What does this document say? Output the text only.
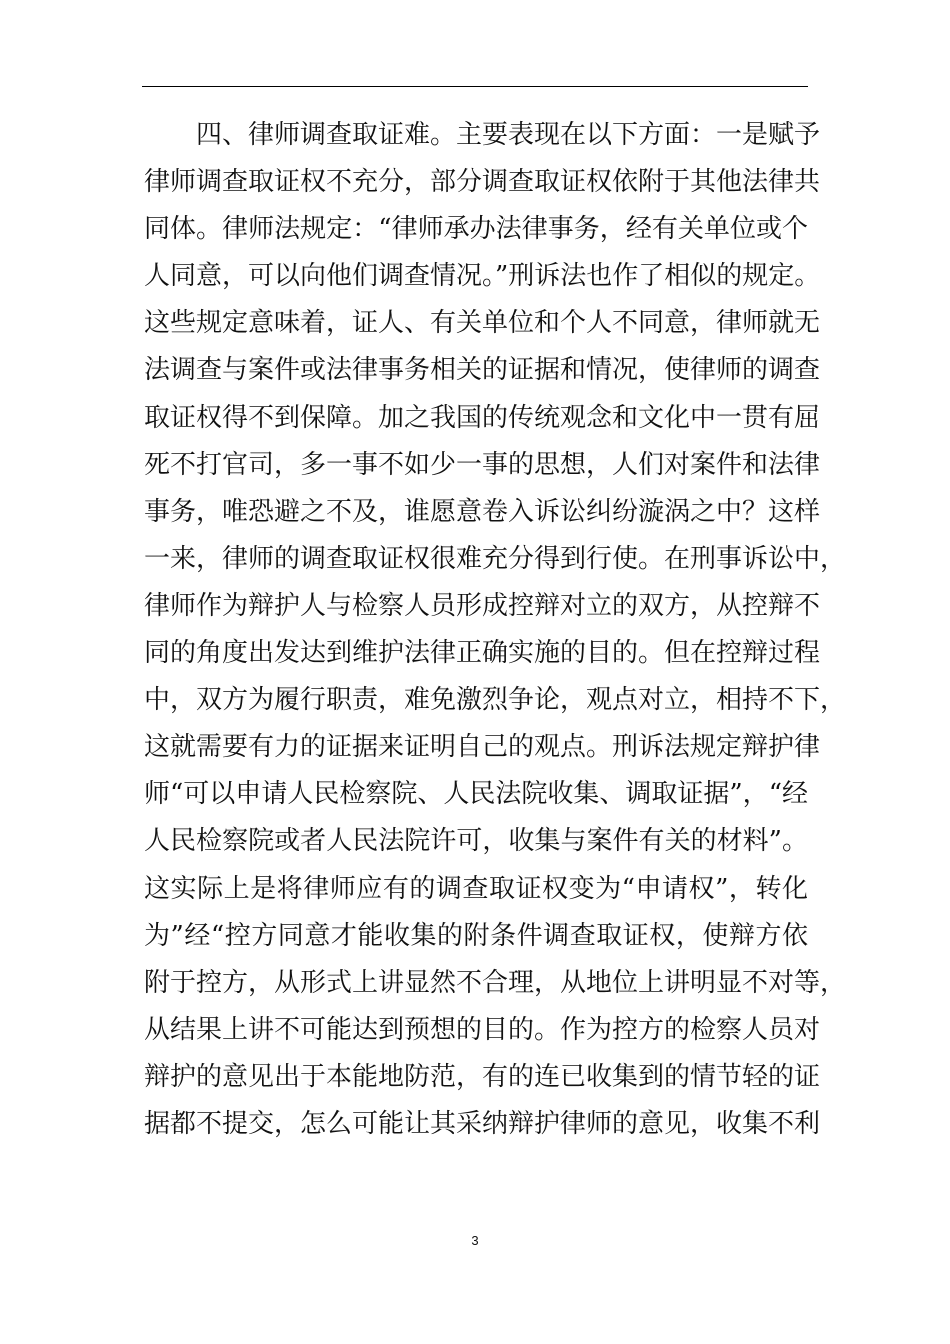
四、律师调查取证难。主要表现在以下方面：一是赋予
律师调查取证权不充分，部分调查取证权依附于其他法律共
同体。律师法规定：“律师承办法律事务，经有关单位或个
人同意，可以向他们调查情况。”刑诉法也作了相似的规定。
这些规定意味着，证人、有关单位和个人不同意，律师就无
法调查与案件或法律事务相关的证据和情况，使律师的调查
取证权得不到保障。加之我国的传统观念和文化中一贯有屈
死不打官司，多一事不如少一事的思想，人们对案件和法律
事务，唯恐避之不及，谁愿意卷入诉讼纠纷漩涡之中？这样
一来，律师的调查取证权很难充分得到行使。在刑事诉讼中，
律师作为辩护人与检察人员形成控辩对立的双方，从控辩不
同的角度出发达到维护法律正确实施的目的。但在控辩过程
中，双方为履行职责，难免激烈争论，观点对立，相持不下，
这就需要有力的证据来证明自己的观点。刑诉法规定辩护律
师“可以申请人民检察院、人民法院收集、调取证据”，“经
人民检察院或者人民法院许可，收集与案件有关的材料”。
这实际上是将律师应有的调查取证权变为“申请权”，转化
为”经“控方同意才能收集的附条件调查取证权，使辩方依
附于控方，从形式上讲显然不合理，从地位上讲明显不对等，
从结果上讲不可能达到预想的目的。作为控方的检察人员对
辩护的意见出于本能地防范，有的连已收集到的情节轻的证
据都不提交，怎么可能让其采纳辩护律师的意见，收集不利
3
